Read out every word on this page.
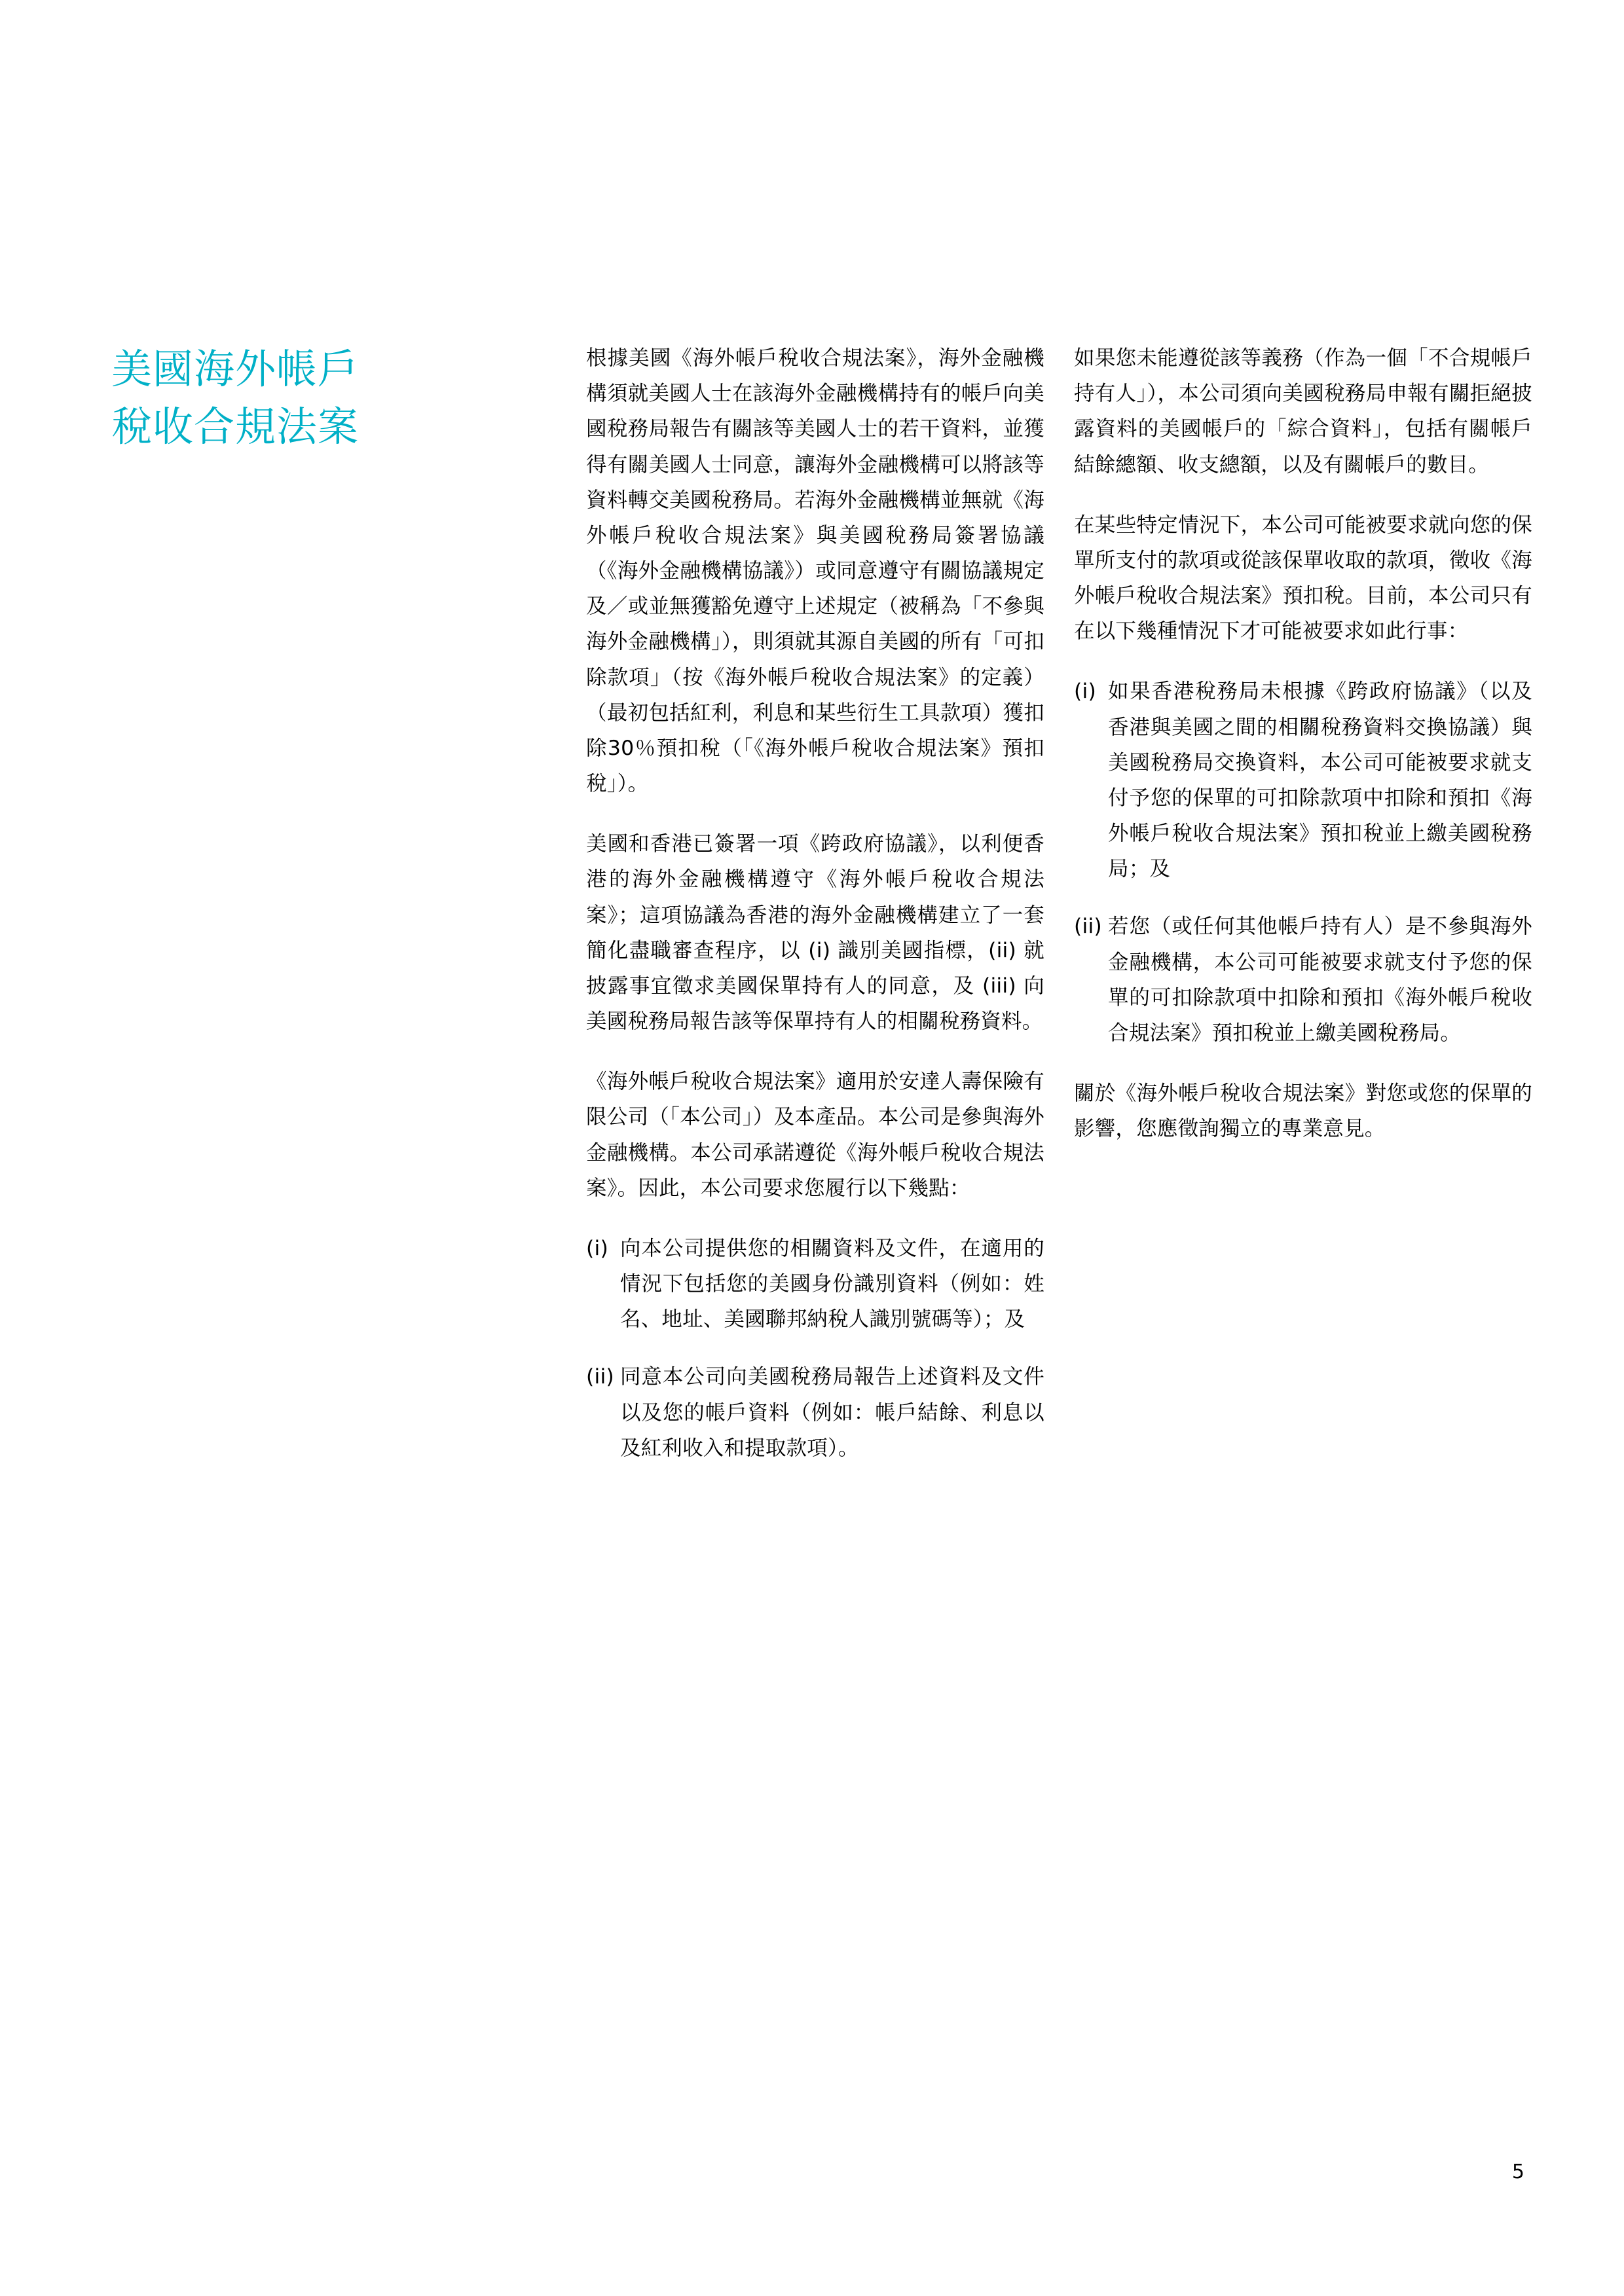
美國海外帳戶
稅收合規法案

根據美國《海外帳戶稅收合規法案》，海外金融機構須就美國人士在該海外金融機構持有的帳戶向美國稅務局報告有關該等美國人士的若干資料，並獲得有關美國人士同意，讓海外金融機構可以將該等資料轉交美國稅務局。若海外金融機構並無就《海外帳戶稅收合規法案》與美國稅務局簽署協議（《海外金融機構協議》）或同意遵守有關協議規定及／或並無獲豁免遵守上述規定（被稱為「不參與海外金融機構」），則須就其源自美國的所有「可扣除款項」（按《海外帳戶稅收合規法案》的定義）（最初包括紅利，利息和某些衍生工具款項）獲扣除30％預扣稅（「《海外帳戶稅收合規法案》預扣稅」）。

美國和香港已簽署一項《跨政府協議》，以利便香港的海外金融機構遵守《海外帳戶稅收合規法案》；這項協議為香港的海外金融機構建立了一套簡化盡職審查程序，以 (i) 識別美國指標，(ii) 就披露事宜徵求美國保單持有人的同意，及 (iii) 向美國稅務局報告該等保單持有人的相關稅務資料。

《海外帳戶稅收合規法案》適用於安達人壽保險有限公司（「本公司」）及本產品。本公司是參與海外金融機構。本公司承諾遵從《海外帳戶稅收合規法案》。因此，本公司要求您履行以下幾點：

(i) 向本公司提供您的相關資料及文件，在適用的情況下包括您的美國身份識別資料（例如：姓名、地址、美國聯邦納稅人識別號碼等）；及
(ii) 同意本公司向美國稅務局報告上述資料及文件以及您的帳戶資料（例如：帳戶結餘、利息以及紅利收入和提取款項）。

如果您未能遵從該等義務（作為一個「不合規帳戶持有人」），本公司須向美國稅務局申報有關拒絕披露資料的美國帳戶的「綜合資料」，包括有關帳戶結餘總額、收支總額，以及有關帳戶的數目。

在某些特定情況下，本公司可能被要求就向您的保單所支付的款項或從該保單收取的款項，徵收《海外帳戶稅收合規法案》預扣稅。目前，本公司只有在以下幾種情況下才可能被要求如此行事：

(i) 如果香港稅務局未根據《跨政府協議》（以及香港與美國之間的相關稅務資料交換協議）與美國稅務局交換資料，本公司可能被要求就支付予您的保單的可扣除款項中扣除和預扣《海外帳戶稅收合規法案》預扣稅並上繳美國稅務局；及
(ii) 若您（或任何其他帳戶持有人）是不參與海外金融機構，本公司可能被要求就支付予您的保單的可扣除款項中扣除和預扣《海外帳戶稅收合規法案》預扣稅並上繳美國稅務局。

關於《海外帳戶稅收合規法案》對您或您的保單的影響，您應徵詢獨立的專業意見。

5
